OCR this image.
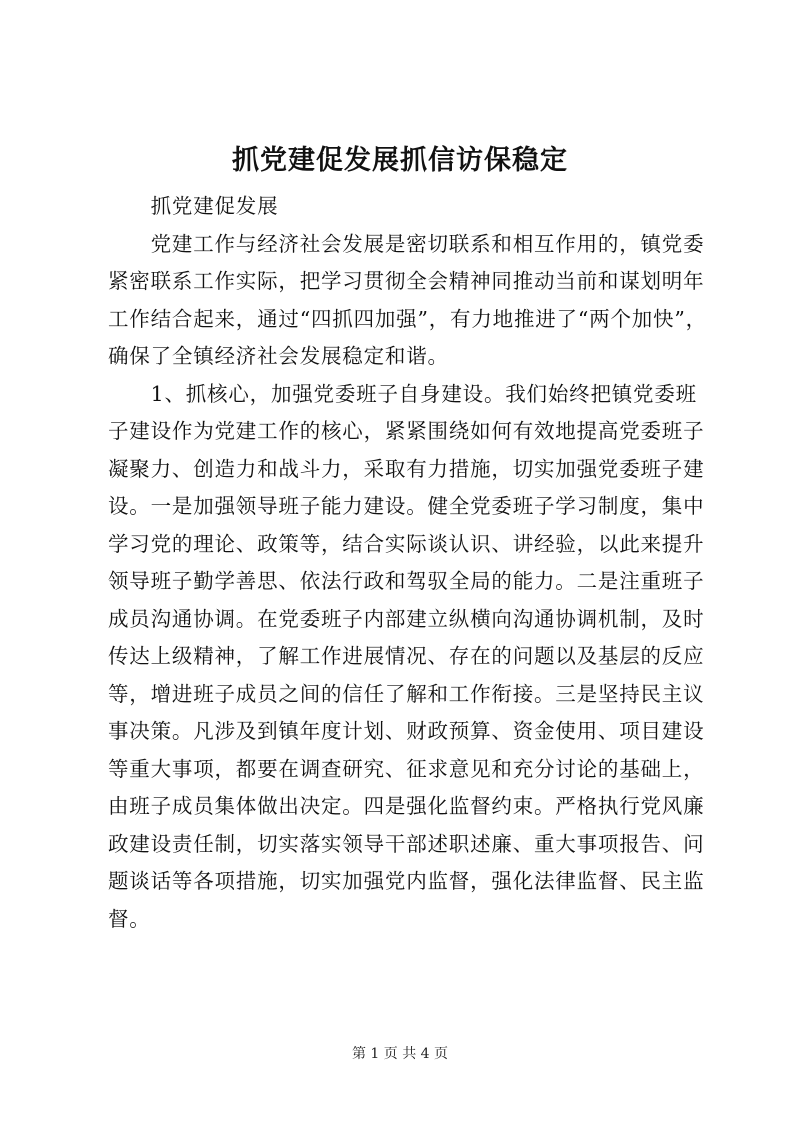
抓党建促发展抓信访保稳定
　　抓党建促发展
　　党建工作与经济社会发展是密切联系和相互作用的，镇党委
紧密联系工作实际，把学习贯彻全会精神同推动当前和谋划明年
工作结合起来，通过“四抓四加强”，有力地推进了“两个加快”，
确保了全镇经济社会发展稳定和谐。
　　1、抓核心，加强党委班子自身建设。我们始终把镇党委班
子建设作为党建工作的核心，紧紧围绕如何有效地提高党委班子
凝聚力、创造力和战斗力，采取有力措施，切实加强党委班子建
设。一是加强领导班子能力建设。健全党委班子学习制度，集中
学习党的理论、政策等，结合实际谈认识、讲经验，以此来提升
领导班子勤学善思、依法行政和驾驭全局的能力。二是注重班子
成员沟通协调。在党委班子内部建立纵横向沟通协调机制，及时
传达上级精神，了解工作进展情况、存在的问题以及基层的反应
等，增进班子成员之间的信任了解和工作衔接。三是坚持民主议
事决策。凡涉及到镇年度计划、财政预算、资金使用、项目建设
等重大事项，都要在调查研究、征求意见和充分讨论的基础上，
由班子成员集体做出决定。四是强化监督约束。严格执行党风廉
政建设责任制，切实落实领导干部述职述廉、重大事项报告、问
题谈话等各项措施，切实加强党内监督，强化法律监督、民主监
督。
第 1 页 共 4 页
